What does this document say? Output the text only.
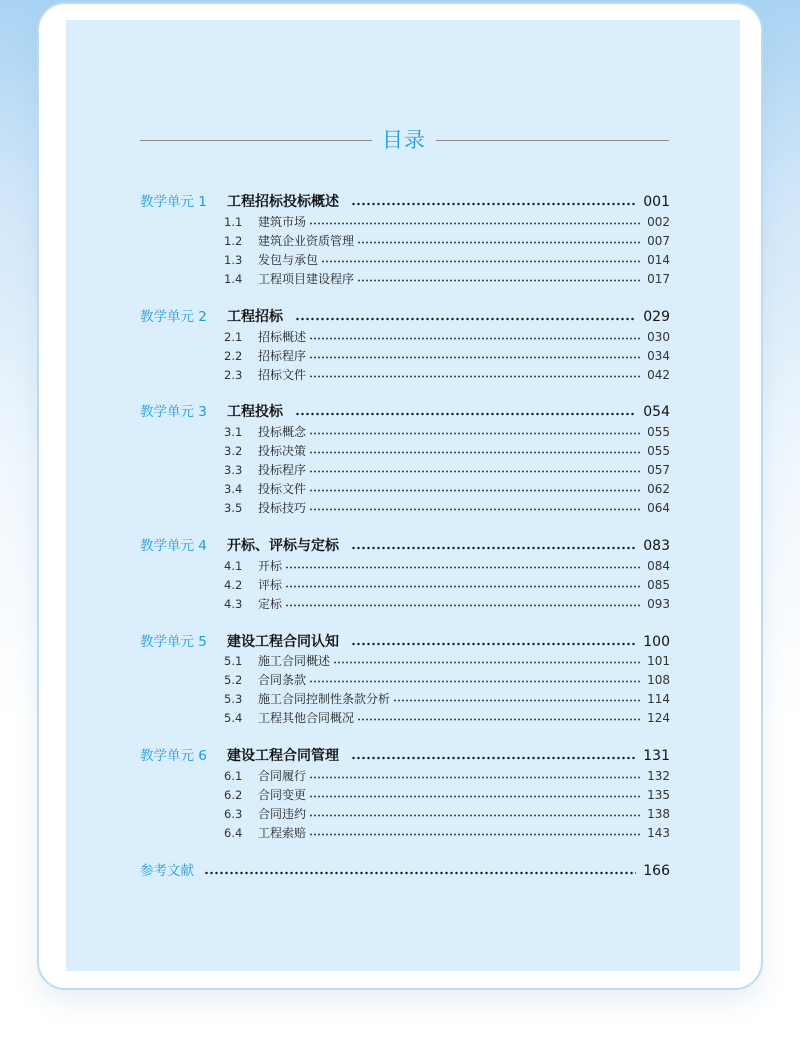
目录
教学单元 1	工程招标投标概述	001
1.1	建筑市场	002
1.2	建筑企业资质管理	007
1.3	发包与承包	014
1.4	工程项目建设程序	017
教学单元 2	工程招标	029
2.1	招标概述	030
2.2	招标程序	034
2.3	招标文件	042
教学单元 3	工程投标	054
3.1	投标概念	055
3.2	投标决策	055
3.3	投标程序	057
3.4	投标文件	062
3.5	投标技巧	064
教学单元 4	开标、评标与定标	083
4.1	开标	084
4.2	评标	085
4.3	定标	093
教学单元 5	建设工程合同认知	100
5.1	施工合同概述	101
5.2	合同条款	108
5.3	施工合同控制性条款分析	114
5.4	工程其他合同概况	124
教学单元 6	建设工程合同管理	131
6.1	合同履行	132
6.2	合同变更	135
6.3	合同违约	138
6.4	工程索赔	143
参考文献	166
